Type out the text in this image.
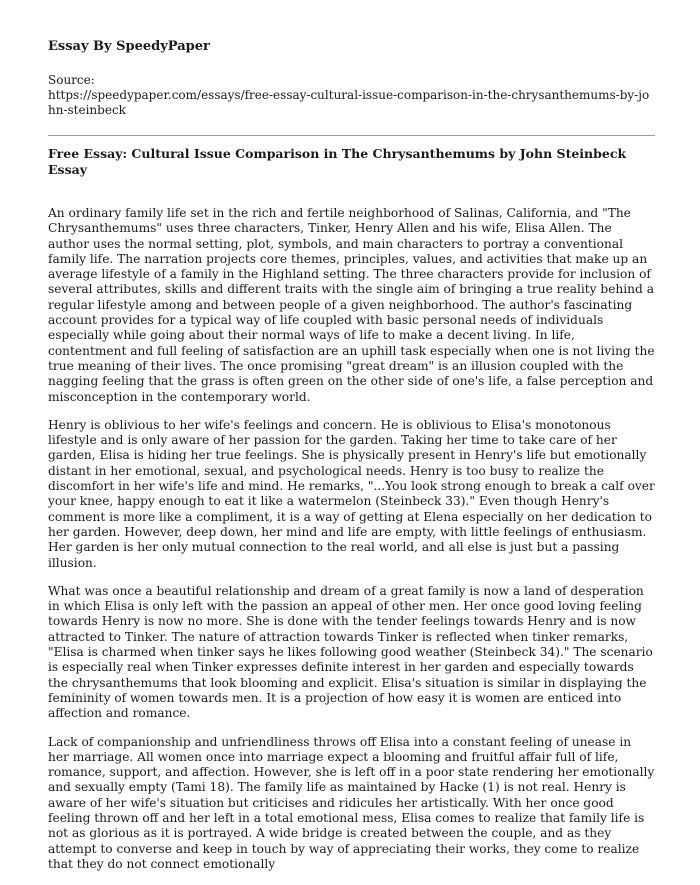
Essay By SpeedyPaper
Source:
https://speedypaper.com/essays/free-essay-cultural-issue-comparison-in-the-chrysanthemums-by-john-steinbeck
Free Essay: Cultural Issue Comparison in The Chrysanthemums by John Steinbeck Essay

An ordinary family life set in the rich and fertile neighborhood of Salinas, California, and "The Chrysanthemums" uses three characters, Tinker, Henry Allen and his wife, Elisa Allen. The author uses the normal setting, plot, symbols, and main characters to portray a conventional family life. The narration projects core themes, principles, values, and activities that make up an average lifestyle of a family in the Highland setting. The three characters provide for inclusion of several attributes, skills and different traits with the single aim of bringing a true reality behind a regular lifestyle among and between people of a given neighborhood. The author's fascinating account provides for a typical way of life coupled with basic personal needs of individuals especially while going about their normal ways of life to make a decent living. In life, contentment and full feeling of satisfaction are an uphill task especially when one is not living the true meaning of their lives. The once promising "great dream" is an illusion coupled with the nagging feeling that the grass is often green on the other side of one's life, a false perception and misconception in the contemporary world.

Henry is oblivious to her wife's feelings and concern. He is oblivious to Elisa's monotonous lifestyle and is only aware of her passion for the garden. Taking her time to take care of her garden, Elisa is hiding her true feelings. She is physically present in Henry's life but emotionally distant in her emotional, sexual, and psychological needs. Henry is too busy to realize the discomfort in her wife's life and mind. He remarks, "...You look strong enough to break a calf over your knee, happy enough to eat it like a watermelon (Steinbeck 33)." Even though Henry's comment is more like a compliment, it is a way of getting at Elena especially on her dedication to her garden. However, deep down, her mind and life are empty, with little feelings of enthusiasm. Her garden is her only mutual connection to the real world, and all else is just but a passing illusion.

What was once a beautiful relationship and dream of a great family is now a land of desperation in which Elisa is only left with the passion an appeal of other men. Her once good loving feeling towards Henry is now no more. She is done with the tender feelings towards Henry and is now attracted to Tinker. The nature of attraction towards Tinker is reflected when tinker remarks, "Elisa is charmed when tinker says he likes following good weather (Steinbeck 34)." The scenario is especially real when Tinker expresses definite interest in her garden and especially towards the chrysanthemums that look blooming and explicit. Elisa's situation is similar in displaying the femininity of women towards men. It is a projection of how easy it is women are enticed into affection and romance.

Lack of companionship and unfriendliness throws off Elisa into a constant feeling of unease in her marriage. All women once into marriage expect a blooming and fruitful affair full of life, romance, support, and affection. However, she is left off in a poor state rendering her emotionally and sexually empty (Tami 18). The family life as maintained by Hacke (1) is not real. Henry is aware of her wife's situation but criticises and ridicules her artistically. With her once good feeling thrown off and her left in a total emotional mess, Elisa comes to realize that family life is not as glorious as it is portrayed. A wide bridge is created between the couple, and as they attempt to converse and keep in touch by way of appreciating their works, they come to realize that they do not connect emotionally
